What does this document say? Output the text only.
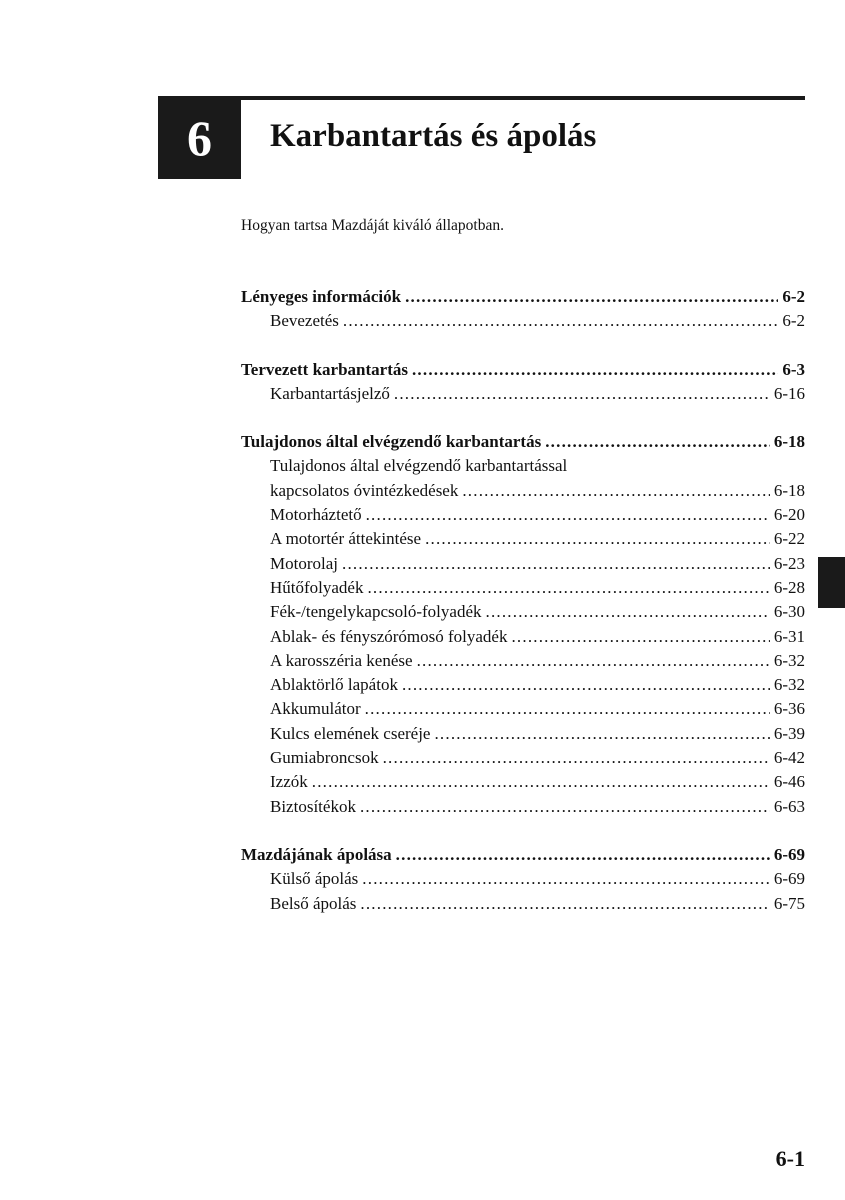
6 Karbantartás és ápolás
Hogyan tartsa Mazdáját kiváló állapotban.
Lényeges információk .....	6-2
Bevezetés .....	6-2
Tervezett karbantartás .....	6-3
Karbantartásjelző .....	6-16
Tulajdonos által elvégzendő karbantartás .....	6-18
Tulajdonos által elvégzendő karbantartással
kapcsolatos óvintézkedések .....	6-18
Motorháztető .....	6-20
A motortér áttekintése .....	6-22
Motorolaj .....	6-23
Hűtőfolyadék .....	6-28
Fék-/tengelykapcsoló-folyadék .....	6-30
Ablak- és fényszórómosó folyadék .....	6-31
A karosszéria kenése .....	6-32
Ablaktörlő lapátok .....	6-32
Akkumulátor .....	6-36
Kulcs elemének cseréje .....	6-39
Gumiabroncsok .....	6-42
Izzók .....	6-46
Biztosítékok .....	6-63
Mazdájának ápolása .....	6-69
Külső ápolás .....	6-69
Belső ápolás .....	6-75
6-1
